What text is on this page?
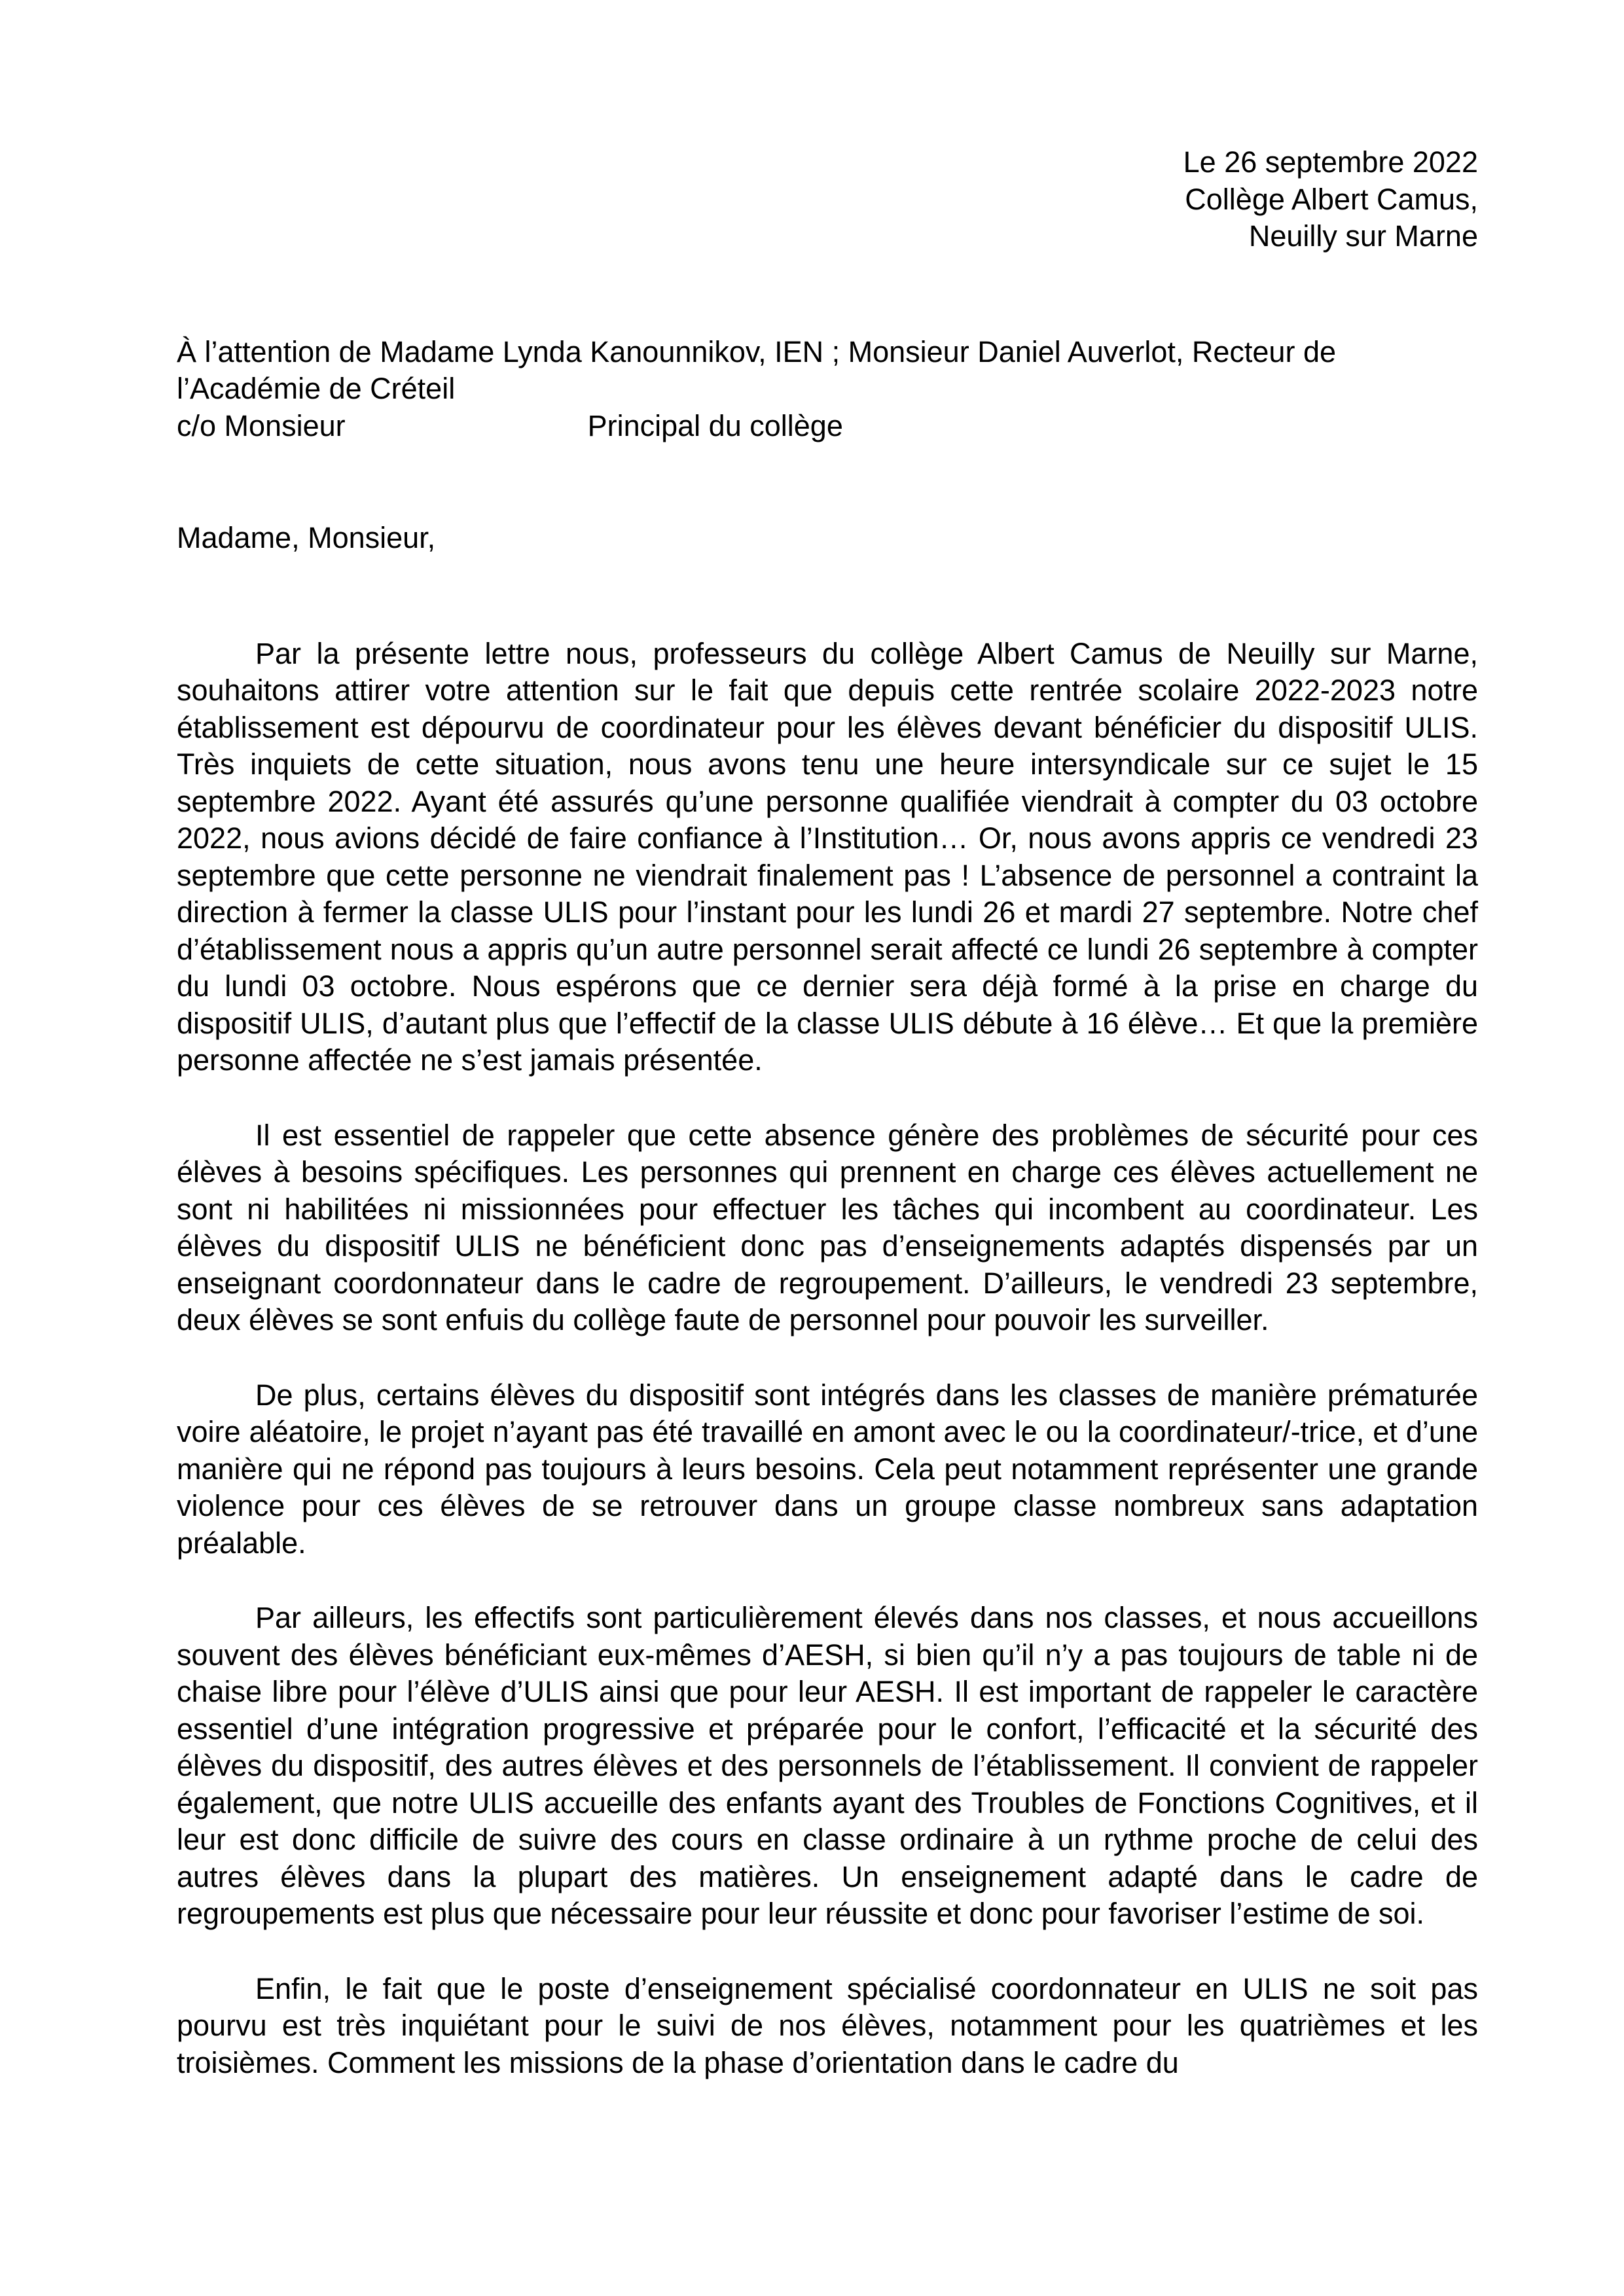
Le 26 septembre 2022
Collège Albert Camus,
Neuilly sur Marne
À l’attention de Madame Lynda Kanounnikov, IEN ; Monsieur Daniel Auverlot, Recteur de l’Académie de Créteil
c/o Monsieur	Principal du collège
Madame, Monsieur,

Par la présente lettre nous, professeurs du collège Albert Camus de Neuilly sur Marne, souhaitons attirer votre attention sur le fait que depuis cette rentrée scolaire 2022-2023 notre établissement est dépourvu de coordinateur pour les élèves devant bénéficier du dispositif ULIS. Très inquiets de cette situation, nous avons tenu une heure intersyndicale sur ce sujet le 15 septembre 2022. Ayant été assurés qu’une personne qualifiée viendrait à compter du 03 octobre 2022, nous avions décidé de faire confiance à l’Institution… Or, nous avons appris ce vendredi 23 septembre que cette personne ne viendrait finalement pas ! L’absence de personnel a contraint la direction à fermer la classe ULIS pour l’instant pour les lundi 26 et mardi 27 septembre. Notre chef d’établissement nous a appris qu’un autre personnel serait affecté ce lundi 26 septembre à compter du lundi 03 octobre. Nous espérons que ce dernier sera déjà formé à la prise en charge du dispositif ULIS, d’autant plus que l’effectif de la classe ULIS débute à 16 élève… Et que la première personne affectée ne s’est jamais présentée.

Il est essentiel de rappeler que cette absence génère des problèmes de sécurité pour ces élèves à besoins spécifiques. Les personnes qui prennent en charge ces élèves actuellement ne sont ni habilitées ni missionnées pour effectuer les tâches qui incombent au coordinateur. Les élèves du dispositif ULIS ne bénéficient donc pas d’enseignements adaptés dispensés par un enseignant coordonnateur dans le cadre de regroupement. D’ailleurs, le vendredi 23 septembre, deux élèves se sont enfuis du collège faute de personnel pour pouvoir les surveiller.

De plus, certains élèves du dispositif sont intégrés dans les classes de manière prématurée voire aléatoire, le projet n’ayant pas été travaillé en amont avec le ou la coordinateur/-trice, et d’une manière qui ne répond pas toujours à leurs besoins. Cela peut notamment représenter une grande violence pour ces élèves de se retrouver dans un groupe classe nombreux sans adaptation préalable.

Par ailleurs, les effectifs sont particulièrement élevés dans nos classes, et nous accueillons souvent des élèves bénéficiant eux-mêmes d’AESH, si bien qu’il n’y a pas toujours de table ni de chaise libre pour l’élève d’ULIS ainsi que pour leur AESH. Il est important de rappeler le caractère essentiel d’une intégration progressive et préparée pour le confort, l’efficacité et la sécurité des élèves du dispositif, des autres élèves et des personnels de l’établissement. Il convient de rappeler également, que notre ULIS accueille des enfants ayant des Troubles de Fonctions Cognitives, et il leur est donc difficile de suivre des cours en classe ordinaire à un rythme proche de celui des autres élèves dans la plupart des matières. Un enseignement adapté dans le cadre de regroupements est plus que nécessaire pour leur réussite et donc pour favoriser l’estime de soi.

Enfin, le fait que le poste d’enseignement spécialisé coordonnateur en ULIS ne soit pas pourvu est très inquiétant pour le suivi de nos élèves, notamment pour les quatrièmes et les troisièmes. Comment les missions de la phase d’orientation dans le cadre du
